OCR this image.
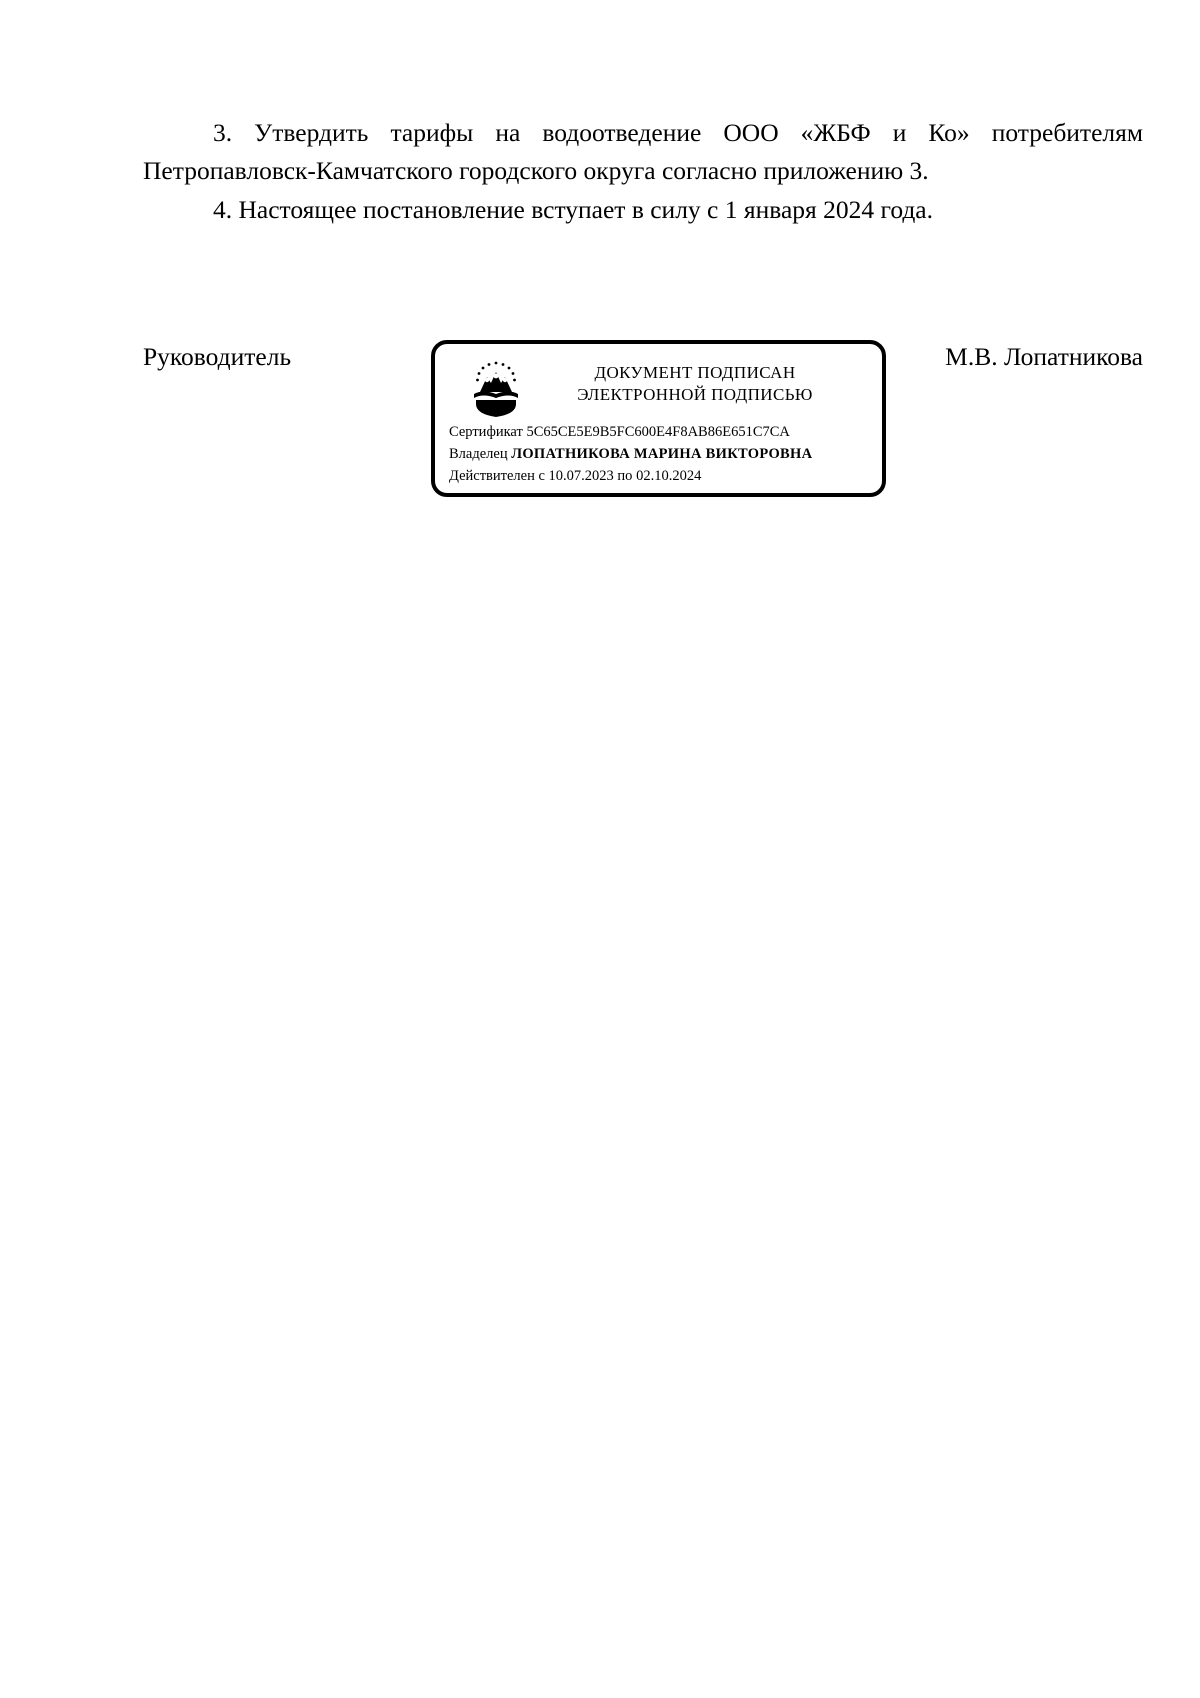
3. Утвердить тарифы на водоотведение ООО «ЖБФ и Ко» потребителям
Петропавловск-Камчатского городского округа согласно приложению 3.
4. Настоящее постановление вступает в силу с 1 января 2024 года.
Руководитель
ДОКУМЕНТ ПОДПИСАН
ЭЛЕКТРОННОЙ ПОДПИСЬЮ
Сертификат 5C65CE5E9B5FC600E4F8AB86E651C7CA
Владелец ЛОПАТНИКОВА МАРИНА ВИКТОРОВНА
Действителен с 10.07.2023 по 02.10.2024
М.В. Лопатникова
